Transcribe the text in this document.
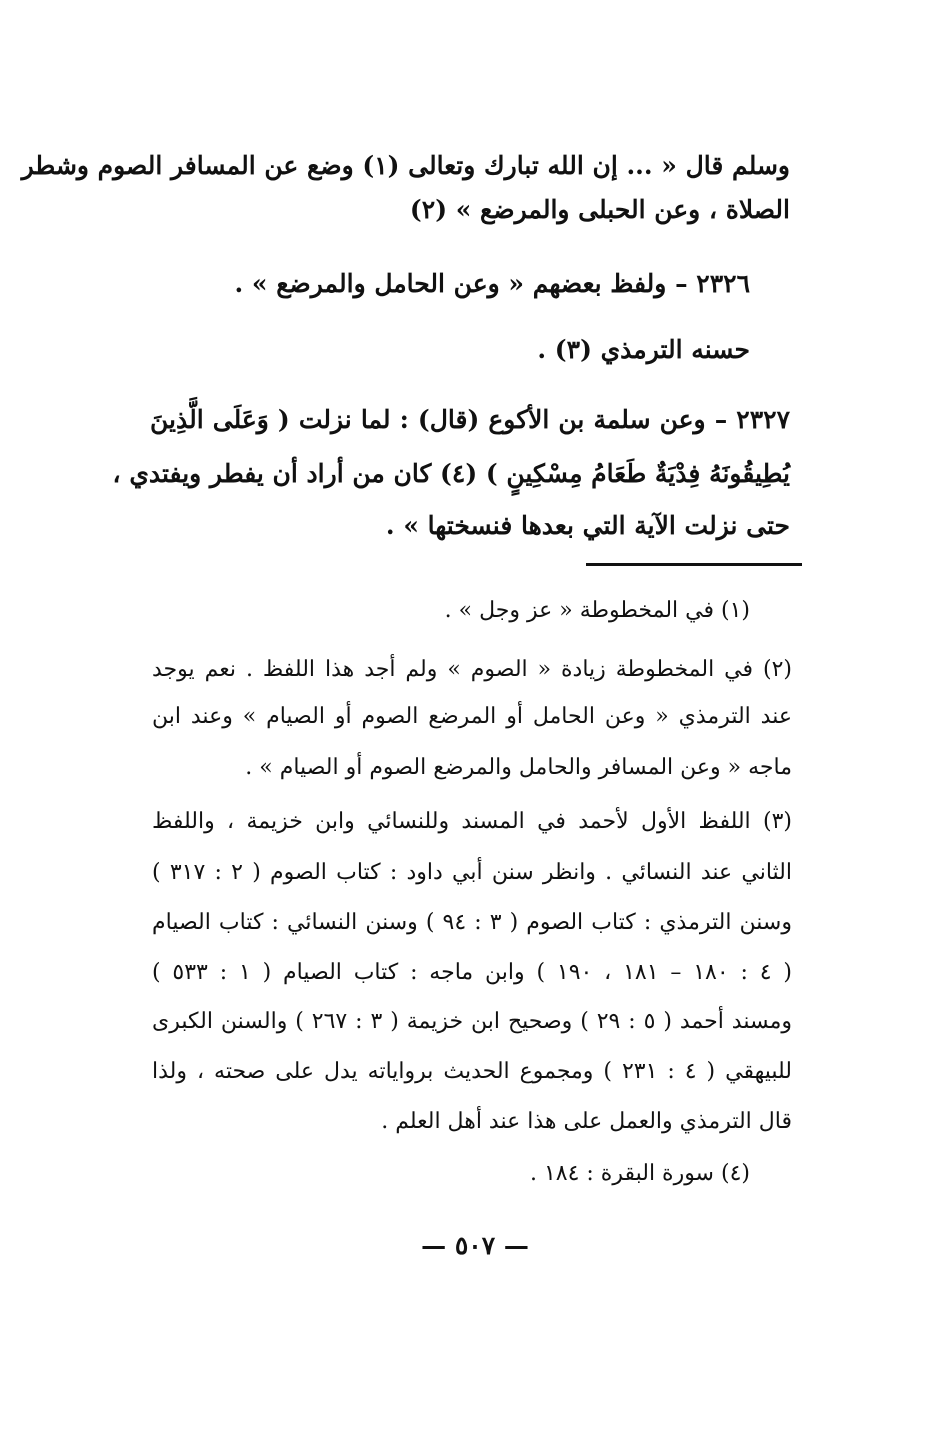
وسلم قال « ... إن الله تبارك وتعالى (١) وضع عن المسافر الصوم وشطر
الصلاة ، وعن الحبلى والمرضع » (٢)
٢٣٢٦ – ولفظ بعضهم « وعن الحامل والمرضع » .
حسنه الترمذي (٣) .
٢٣٢٧ – وعن سلمة بن الأكوع (قال) : لما نزلت ( وَعَلَى الَّذِينَ
يُطِيقُونَهُ فِدْيَةٌ طَعَامُ مِسْكِينٍ ) (٤) كان من أراد أن يفطر ويفتدي ،
حتى نزلت الآية التي بعدها فنسختها » .
(١) في المخطوطة « عز وجل » .
(٢) في المخطوطة زيادة « الصوم » ولم أجد هذا اللفظ . نعم يوجد
عند الترمذي « وعن الحامل أو المرضع الصوم أو الصيام » وعند ابن
ماجه « وعن المسافر والحامل والمرضع الصوم أو الصيام » .
(٣) اللفظ الأول لأحمد في المسند وللنسائي وابن خزيمة ، واللفظ
الثاني عند النسائي . وانظر سنن أبي داود : كتاب الصوم ( ٢ : ٣١٧ )
وسنن الترمذي : كتاب الصوم ( ٣ : ٩٤ ) وسنن النسائي : كتاب الصيام
( ٤ : ١٨٠ – ١٨١ ، ١٩٠ ) وابن ماجه : كتاب الصيام ( ١ : ٥٣٣ )
ومسند أحمد ( ٥ : ٢٩ ) وصحيح ابن خزيمة ( ٣ : ٢٦٧ ) والسنن الكبرى
للبيهقي ( ٤ : ٢٣١ ) ومجموع الحديث برواياته يدل على صحته ، ولذا
قال الترمذي والعمل على هذا عند أهل العلم .
(٤) سورة البقرة : ١٨٤ .
— ٥٠٧ —
